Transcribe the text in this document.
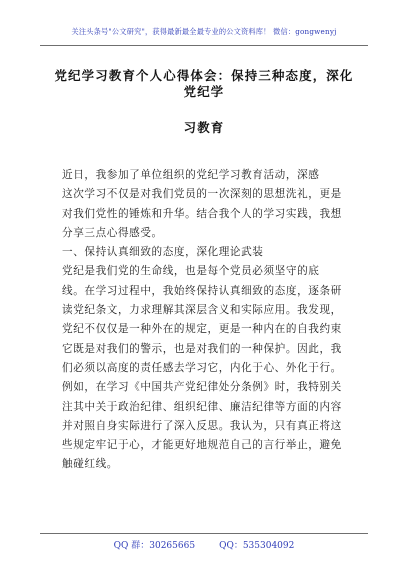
关注头条号"公文研究"，获得最新最全最专业的公文资料库！ 微信：gongwenyj
党纪学习教育个人心得体会：保持三种态度，深化党纪学
习教育
近日，我参加了单位组织的党纪学习教育活动，深感
这次学习不仅是对我们党员的一次深刻的思想洗礼，更是
对我们党性的锤炼和升华。结合我个人的学习实践，我想
分享三点心得感受。
一、保持认真细致的态度，深化理论武装
党纪是我们党的生命线，也是每个党员必须坚守的底
线。在学习过程中，我始终保持认真细致的态度，逐条研
读党纪条文，力求理解其深层含义和实际应用。我发现，
党纪不仅仅是一种外在的规定，更是一种内在的自我约束
它既是对我们的警示，也是对我们的一种保护。因此，我
们必须以高度的责任感去学习它，内化于心、外化于行。
例如，在学习《中国共产党纪律处分条例》时，我特别关
注其中关于政治纪律、组织纪律、廉洁纪律等方面的内容
并对照自身实际进行了深入反思。我认为，只有真正将这
些规定牢记于心，才能更好地规范自己的言行举止，避免
触碰红线。
QQ 群：30265665	QQ：535304092
